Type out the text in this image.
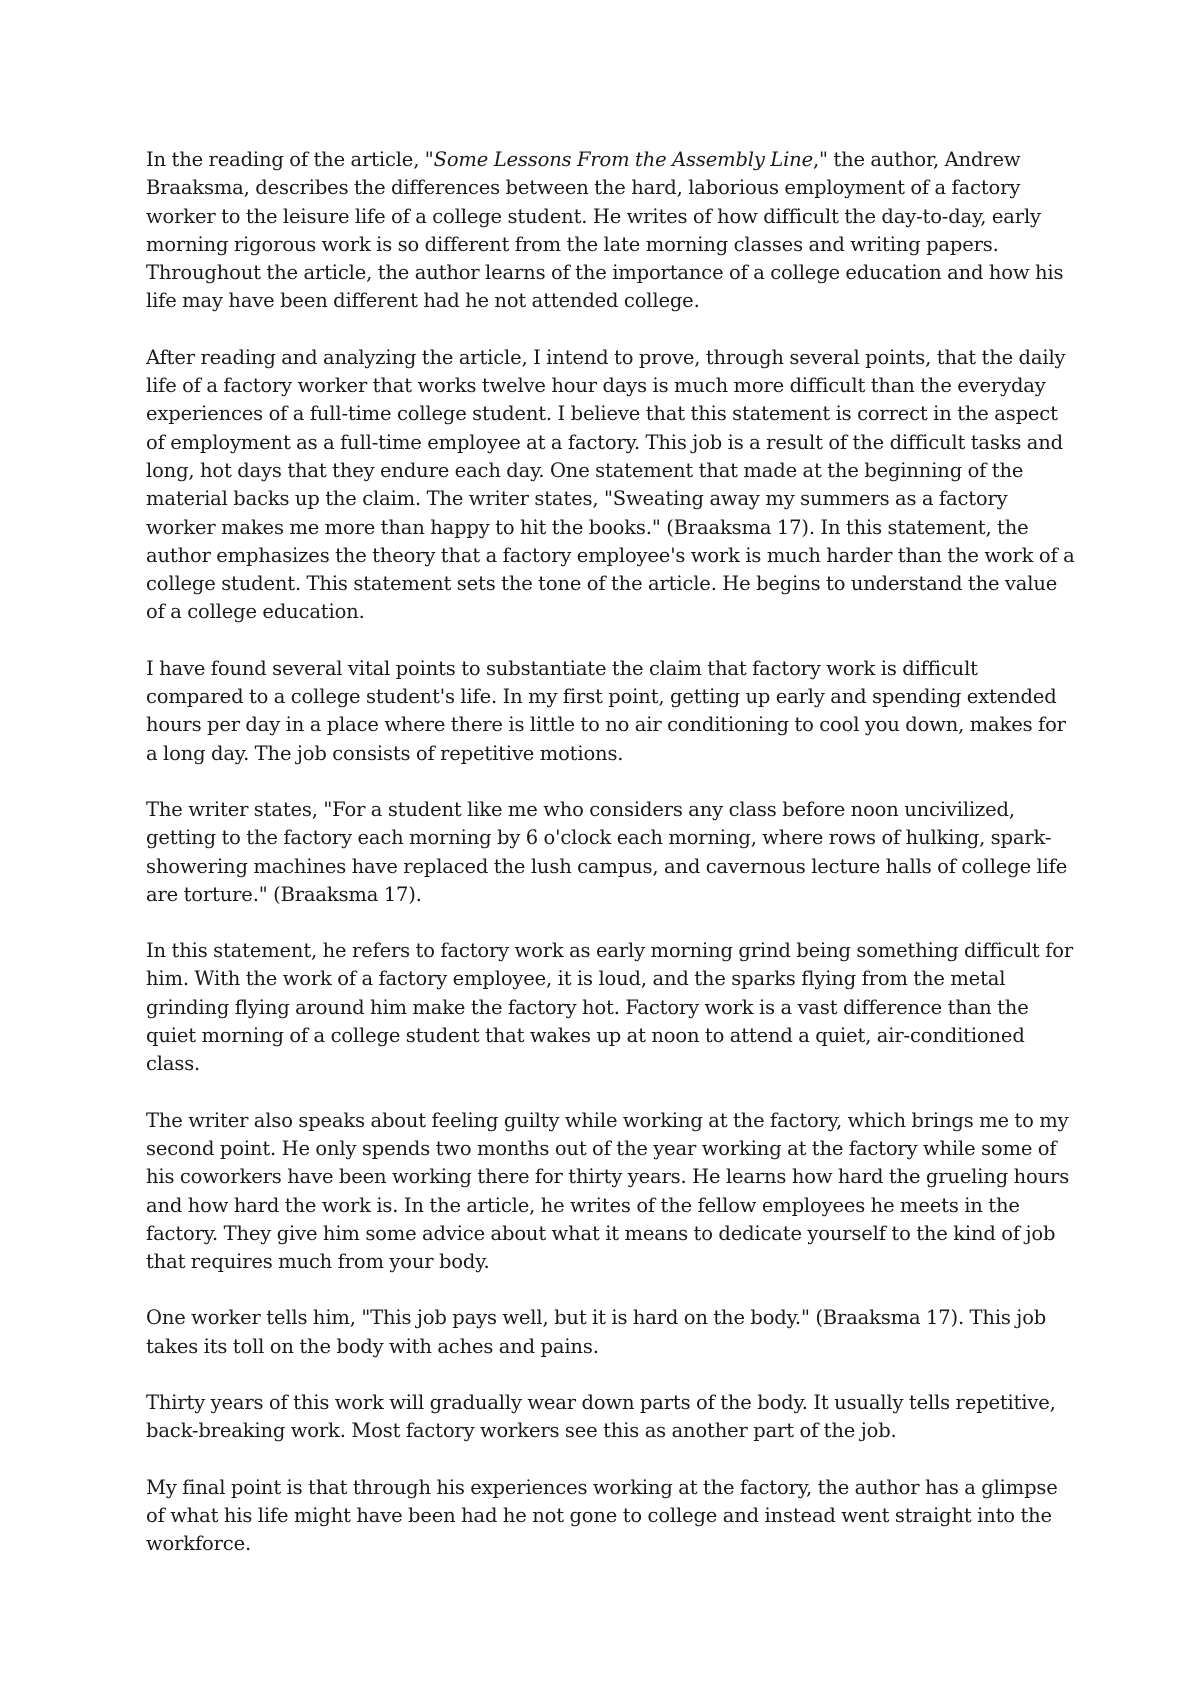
In the reading of the article, "Some Lessons From the Assembly Line," the author, Andrew Braaksma, describes the differences between the hard, laborious employment of a factory worker to the leisure life of a college student. He writes of how difficult the day-to-day, early morning rigorous work is so different from the late morning classes and writing papers. Throughout the article, the author learns of the importance of a college education and how his life may have been different had he not attended college.

After reading and analyzing the article, I intend to prove, through several points, that the daily life of a factory worker that works twelve hour days is much more difficult than the everyday experiences of a full-time college student. I believe that this statement is correct in the aspect of employment as a full-time employee at a factory. This job is a result of the difficult tasks and long, hot days that they endure each day. One statement that made at the beginning of the material backs up the claim. The writer states, "Sweating away my summers as a factory worker makes me more than happy to hit the books." (Braaksma 17). In this statement, the author emphasizes the theory that a factory employee's work is much harder than the work of a college student. This statement sets the tone of the article. He begins to understand the value of a college education.

I have found several vital points to substantiate the claim that factory work is difficult compared to a college student's life. In my first point, getting up early and spending extended hours per day in a place where there is little to no air conditioning to cool you down, makes for a long day. The job consists of repetitive motions.

The writer states, "For a student like me who considers any class before noon uncivilized, getting to the factory each morning by 6 o'clock each morning, where rows of hulking, spark-showering machines have replaced the lush campus, and cavernous lecture halls of college life are torture." (Braaksma 17).

In this statement, he refers to factory work as early morning grind being something difficult for him. With the work of a factory employee, it is loud, and the sparks flying from the metal grinding flying around him make the factory hot. Factory work is a vast difference than the quiet morning of a college student that wakes up at noon to attend a quiet, air-conditioned class.

The writer also speaks about feeling guilty while working at the factory, which brings me to my second point. He only spends two months out of the year working at the factory while some of his coworkers have been working there for thirty years. He learns how hard the grueling hours and how hard the work is. In the article, he writes of the fellow employees he meets in the factory. They give him some advice about what it means to dedicate yourself to the kind of job that requires much from your body.

One worker tells him, "This job pays well, but it is hard on the body." (Braaksma 17). This job takes its toll on the body with aches and pains.

Thirty years of this work will gradually wear down parts of the body. It usually tells repetitive, back-breaking work. Most factory workers see this as another part of the job.

My final point is that through his experiences working at the factory, the author has a glimpse of what his life might have been had he not gone to college and instead went straight into the workforce.
